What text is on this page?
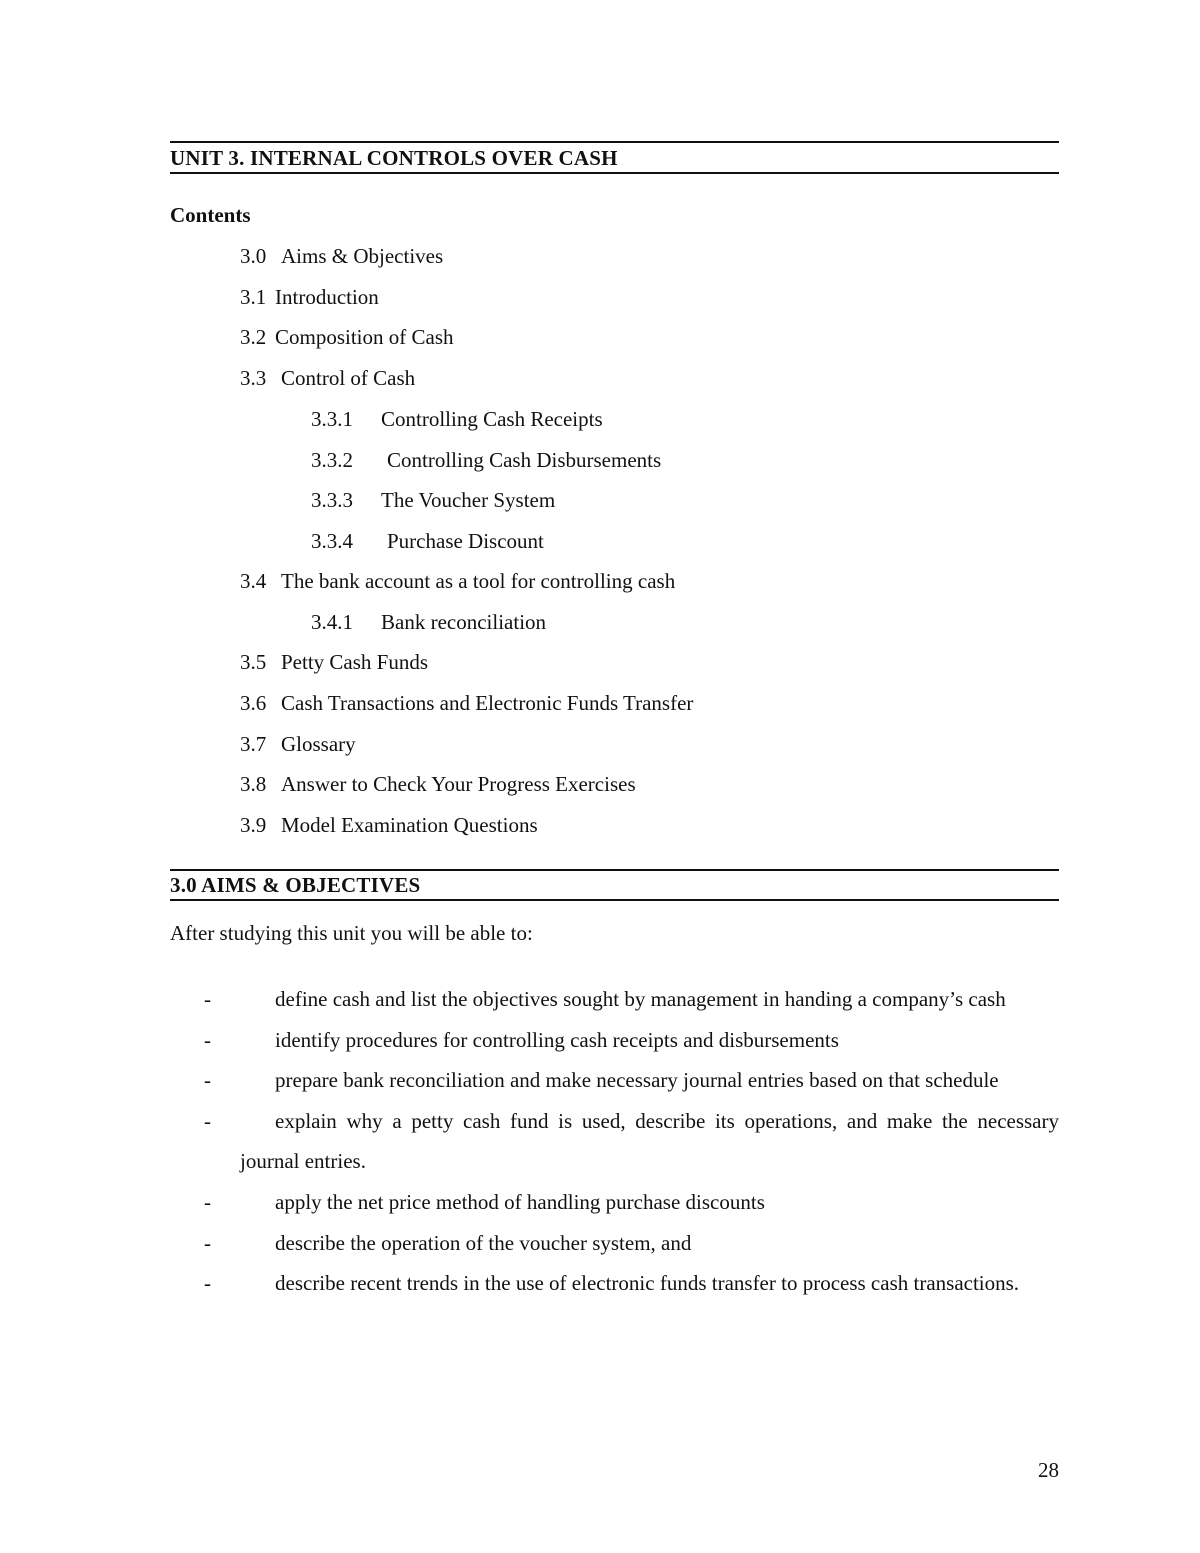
UNIT 3. INTERNAL CONTROLS OVER CASH
Contents
3.0 Aims & Objectives
3.1 Introduction
3.2 Composition of Cash
3.3 Control of Cash
3.3.1 Controlling Cash Receipts
3.3.2 Controlling Cash Disbursements
3.3.3 The Voucher System
3.3.4 Purchase Discount
3.4 The bank account as a tool for controlling cash
3.4.1 Bank reconciliation
3.5 Petty Cash Funds
3.6 Cash Transactions and Electronic Funds Transfer
3.7 Glossary
3.8 Answer to Check Your Progress Exercises
3.9 Model Examination Questions
3.0 AIMS & OBJECTIVES
After studying this unit you will be able to:
-	define cash and list the objectives sought by management in handing a company’s cash
-	identify procedures for controlling cash receipts and disbursements
-	prepare bank reconciliation and make necessary journal entries based on that schedule
-	explain why a petty cash fund is used, describe its operations, and make the necessary journal entries.
-	apply the net price method of handling purchase discounts
-	describe the operation of the voucher system, and
-	describe recent trends in the use of electronic funds transfer to process cash transactions.
28
